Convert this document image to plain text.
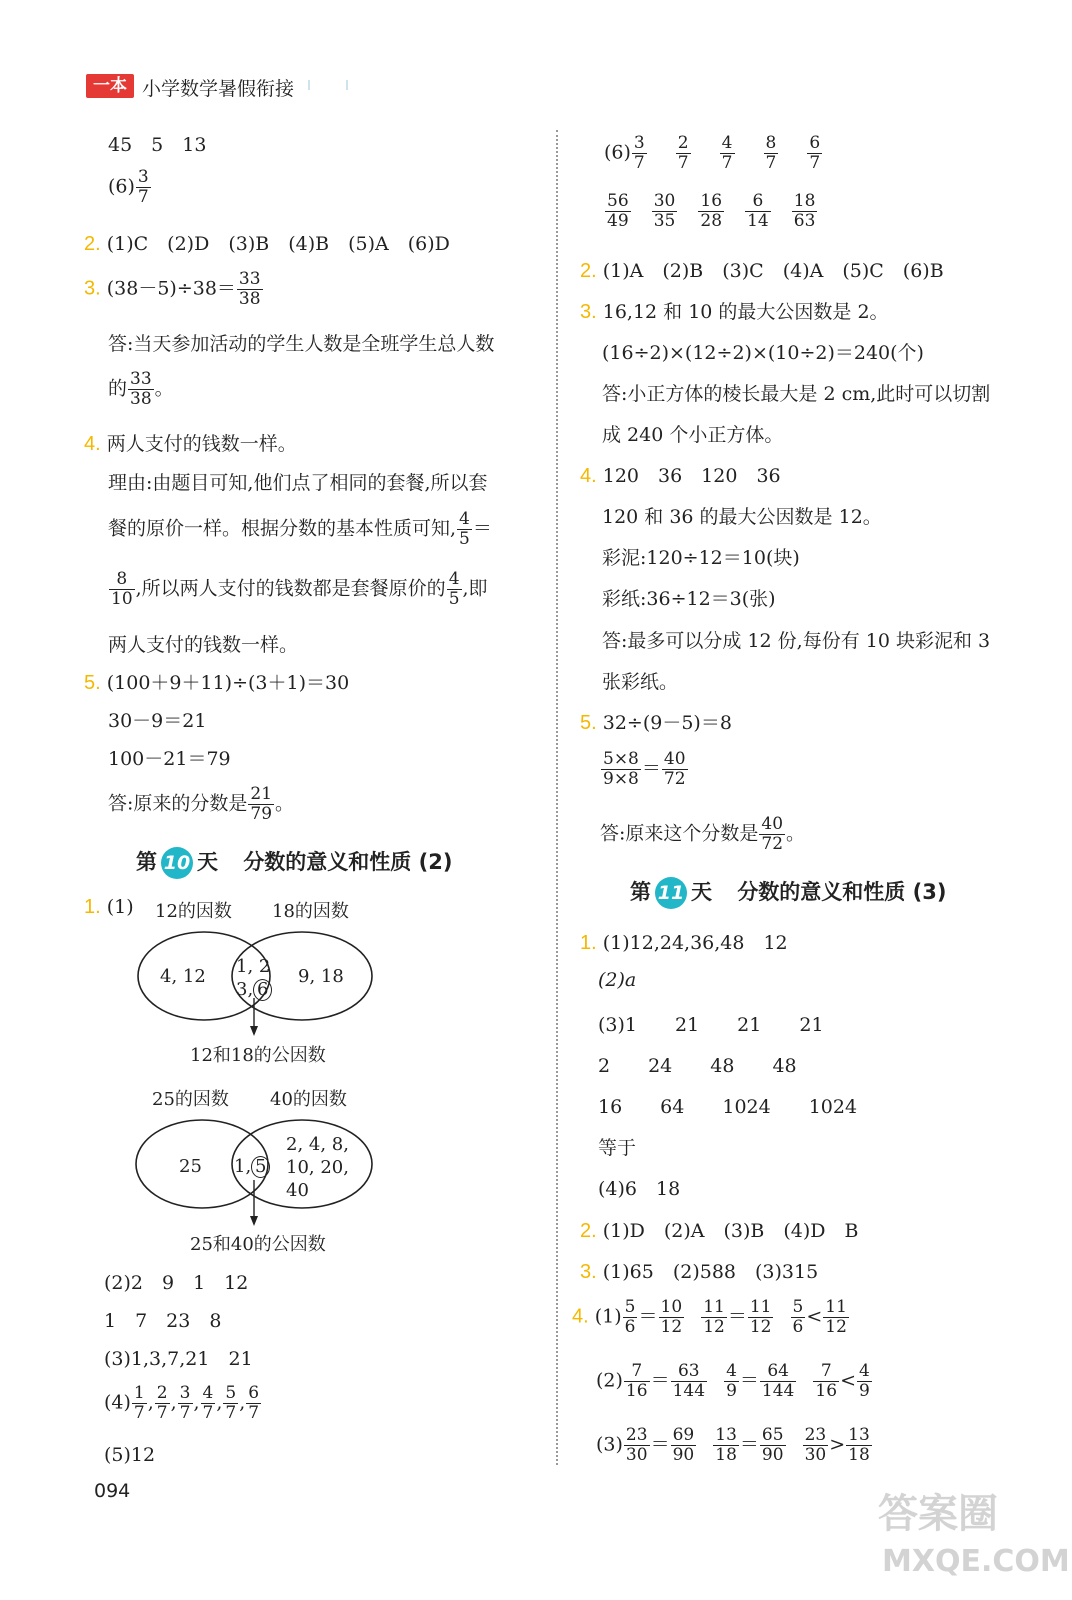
一本 小学数学暑假衔接
45　5　13
$(6) \frac{3}{7}$
2. (1)C　(2)D　(3)B　(4)B　(5)A　(6)D
3. $(38-5)\div 38= \frac{33}{38}$
答:当天参加活动的学生人数是全班学生总人数
的 $\frac{33}{38}$ 。
4. 两人支付的钱数一样。
理由:由题目可知,他们点了相同的套餐,所以套
餐的原价一样。根据分数的基本性质可知, $\frac{4}{5}$ ＝
$\frac{8}{10}$ ,所以两人支付的钱数都是套餐原价的 $\frac{4}{5}$ ,即
两人支付的钱数一样。
5. (100＋9＋11)÷(3＋1)＝30
30－9＝21
100－21＝79
答:原来的分数是 $\frac{21}{79}$ 。
第 10 天 分数的意义和性质 (2)
1. (1) 12的因数 18的因数
4, 12 1, 2
3, 6
9, 18
12和18的公因数
25的因数 40的因数
25 1, 5
2, 4, 8,
10, 20,
40
25和40的公因数
(2)2　9　1　12
1　7　23　8
(3)1,3,7,21　21
$(4) \frac{1}{7}$ , $\frac{2}{7}$ , $\frac{3}{7}$ , $\frac{4}{7}$ , $\frac{5}{7}$ , $\frac{6}{7}$
(5)12
$(6) \frac{3}{7}$
$\frac{2}{7}$
$\frac{4}{7}$
$\frac{8}{7}$
$\frac{6}{7}$
$\frac{56}{49}$
$\frac{30}{35}$
$\frac{16}{28}$
$\frac{6}{14}$
$\frac{18}{63}$
2. (1)A　(2)B　(3)C　(4)A　(5)C　(6)B
3. 16,12 和 10 的最大公因数是 2。
(16÷2)×(12÷2)×(10÷2)＝240(个)
答:小正方体的棱长最大是 2 cm,此时可以切割
成 240 个小正方体。
4. 120　36　120　36
120 和 36 的最大公因数是 12。
彩泥:120÷12＝10(块)
彩纸:36÷12＝3(张)
答:最多可以分成 12 份,每份有 10 块彩泥和 3
张彩纸。
5. 32÷(9－5)＝8
$\frac{5\times 8}{9\times 8} = \frac{40}{72}$
答:原来这个分数是 $\frac{40}{72}$ 。
第 11 天 分数的意义和性质 (3)
1. (1)12,24,36,48　12
(2)a
(3)1　　21　　21　　21
2　　24　　48　　48
16　　64　　1024　　1024
等于
(4)6　18
2. (1)D　(2)A　(3)B　(4)D　B
3. (1)65　(2)588　(3)315
4. $(1) \frac{5}{6} = \frac{10}{12}$
$\frac{11}{12} = \frac{11}{12}$
$\frac{5}{6} < \frac{11}{12}$
$(2) \frac{7}{16} = \frac{63}{144}$
$\frac{4}{9} = \frac{64}{144}$
$\frac{7}{16} < \frac{4}{9}$
$(3) \frac{23}{30} = \frac{69}{90}$
$\frac{13}{18} = \frac{65}{90}$
$\frac{23}{30} > \frac{13}{18}$
094	答案圈
MXQE.COM
